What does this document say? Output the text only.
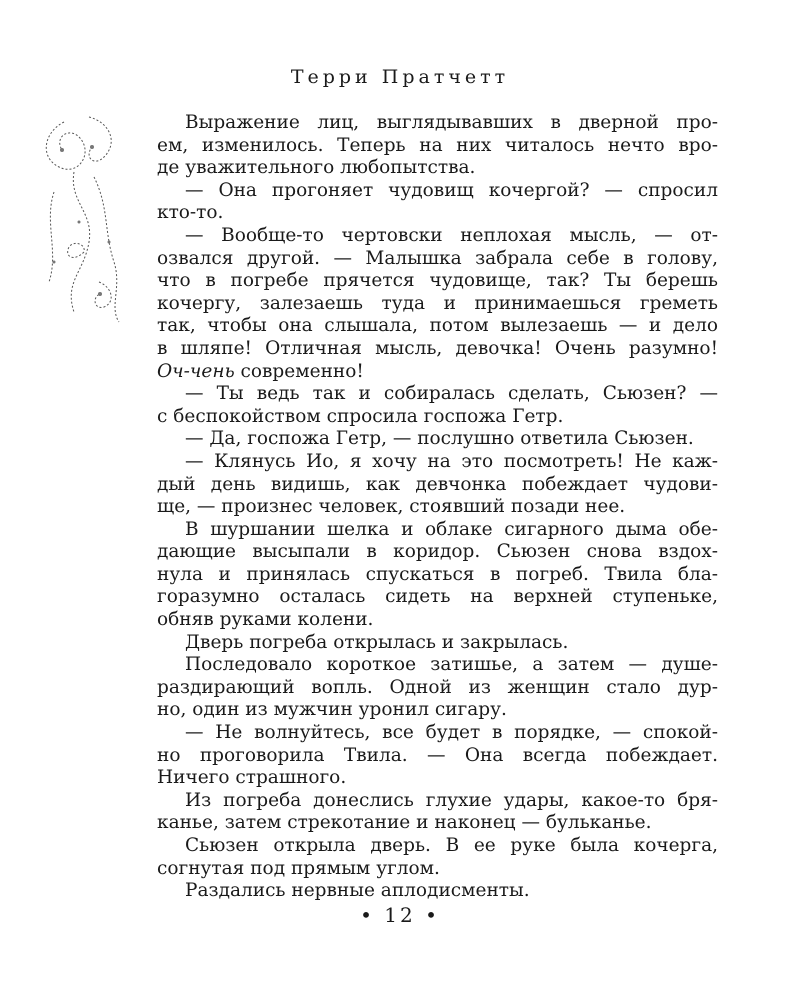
Терри Пратчетт
Выражение лиц, выглядывавших в дверной про-
ем, изменилось. Теперь на них читалось нечто вро-
де уважительного любопытства.
— Она прогоняет чудовищ кочергой? — спросил
кто-то.
— Вообще-то чертовски неплохая мысль, — от-
озвался другой. — Малышка забрала себе в голову,
что в погребе прячется чудовище, так? Ты берешь
кочергу, залезаешь туда и принимаешься греметь
так, чтобы она слышала, потом вылезаешь — и дело
в шляпе! Отличная мысль, девочка! Очень разумно!
Оч-чень современно!
— Ты ведь так и собиралась сделать, Сьюзен? —
с беспокойством спросила госпожа Гетр.
— Да, госпожа Гетр, — послушно ответила Сьюзен.
— Клянусь Ио, я хочу на это посмотреть! Не каж-
дый день видишь, как девчонка побеждает чудови-
ще, — произнес человек, стоявший позади нее.
В шуршании шелка и облаке сигарного дыма обе-
дающие высыпали в коридор. Сьюзен снова вздох-
нула и принялась спускаться в погреб. Твила бла-
горазумно осталась сидеть на верхней ступеньке,
обняв руками колени.
Дверь погреба открылась и закрылась.
Последовало короткое затишье, а затем — душе-
раздирающий вопль. Одной из женщин стало дур-
но, один из мужчин уронил сигару.
— Не волнуйтесь, все будет в порядке, — спокой-
но проговорила Твила. — Она всегда побеждает.
Ничего страшного.
Из погреба донеслись глухие удары, какое-то бря-
канье, затем стрекотание и наконец — бульканье.
Сьюзен открыла дверь. В ее руке была кочерга,
согнутая под прямым углом.
Раздались нервные аплодисменты.
• 12 •
